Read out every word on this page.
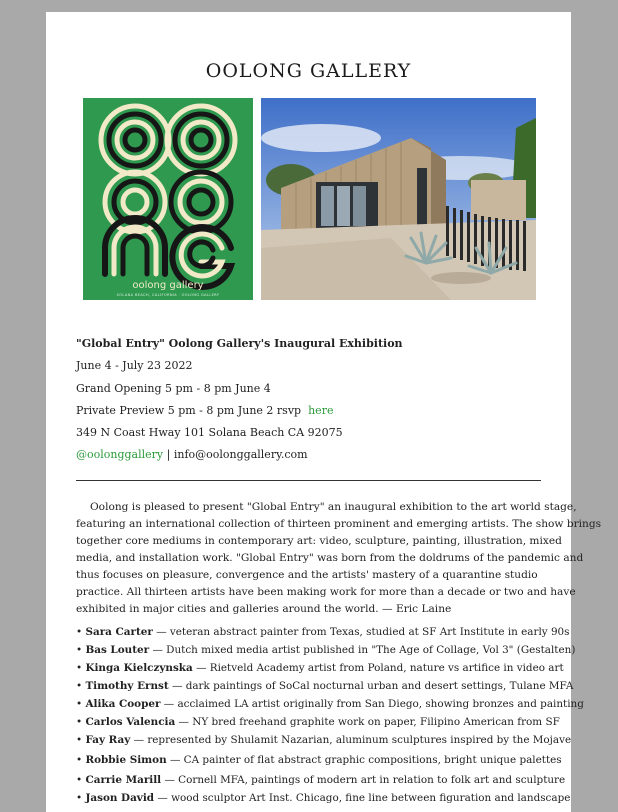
OOLONG GALLERY
oolong gallery
SOLANA BEACH, CALIFORNIA · OOLONG GALLERY
"Global Entry" Oolong Gallery's Inaugural Exhibition
June 4 - July 23 2022
Grand Opening 5 pm - 8 pm June 4
Private Preview 5 pm - 8 pm June 2 rsvp here
349 N Coast Hway 101 Solana Beach CA 92075
@oolonggallery | info@oolonggallery.com
Oolong is pleased to present "Global Entry" an inaugural exhibition to the art world stage,
featuring an international collection of thirteen prominent and emerging artists. The show brings
together core mediums in contemporary art: video, sculpture, painting, illustration, mixed
media, and installation work. "Global Entry" was born from the doldrums of the pandemic and
thus focuses on pleasure, convergence and the artists' mastery of a quarantine studio
practice. All thirteen artists have been making work for more than a decade or two and have
exhibited in major cities and galleries around the world. — Eric Laine
• Sara Carter — veteran abstract painter from Texas, studied at SF Art Institute in early 90s
• Bas Louter — Dutch mixed media artist published in "The Age of Collage, Vol 3" (Gestalten)
• Kinga Kielczynska — Rietveld Academy artist from Poland, nature vs artifice in video art
• Timothy Ernst — dark paintings of SoCal nocturnal urban and desert settings, Tulane MFA
• Alika Cooper — acclaimed LA artist originally from San Diego, showing bronzes and painting
• Carlos Valencia — NY bred freehand graphite work on paper, Filipino American from SF
• Fay Ray — represented by Shulamit Nazarian, aluminum sculptures inspired by the Mojave
• Robbie Simon — CA painter of flat abstract graphic compositions, bright unique palettes
• Carrie Marill — Cornell MFA, paintings of modern art in relation to folk art and sculpture
• Jason David — wood sculptor Art Inst. Chicago, fine line between figuration and landscape
